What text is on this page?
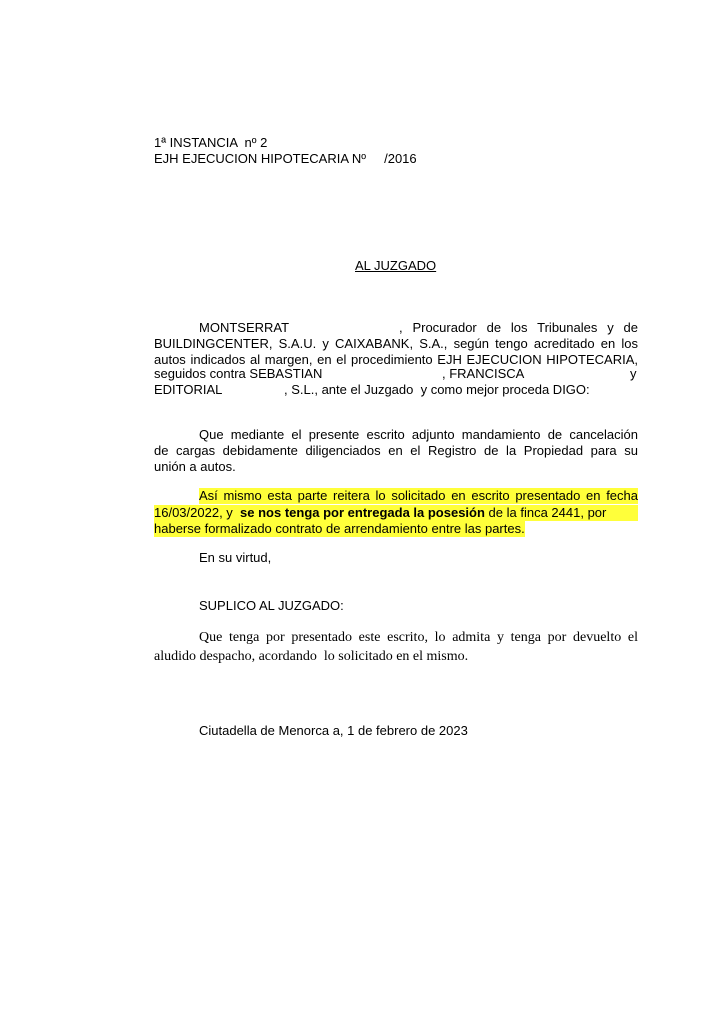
1ª INSTANCIA  nº 2
EJH EJECUCION HIPOTECARIA Nº     /2016
AL JUZGADO
MONTSERRAT	, Procurador de los Tribunales y de
BUILDINGCENTER, S.A.U. y CAIXABANK, S.A., según tengo acreditado en los
autos indicados al margen, en el procedimiento EJH EJECUCION HIPOTECARIA,
seguidos contra SEBASTIAN	, FRANCISCA	y
EDITORIAL	, S.L., ante el Juzgado  y como mejor proceda DIGO:
Que mediante el presente escrito adjunto mandamiento de cancelación
de cargas debidamente diligenciados en el Registro de la Propiedad para su
unión a autos.
Así mismo esta parte reitera lo solicitado en escrito presentado en fecha
16/03/2022, y  se nos tenga por entregada la posesión de la finca 2441, por
haberse formalizado contrato de arrendamiento entre las partes.
En su virtud,
SUPLICO AL JUZGADO:
Que tenga por presentado este escrito, lo admita y tenga por devuelto el
aludido despacho, acordando  lo solicitado en el mismo.
Ciutadella de Menorca a, 1 de febrero de 2023
